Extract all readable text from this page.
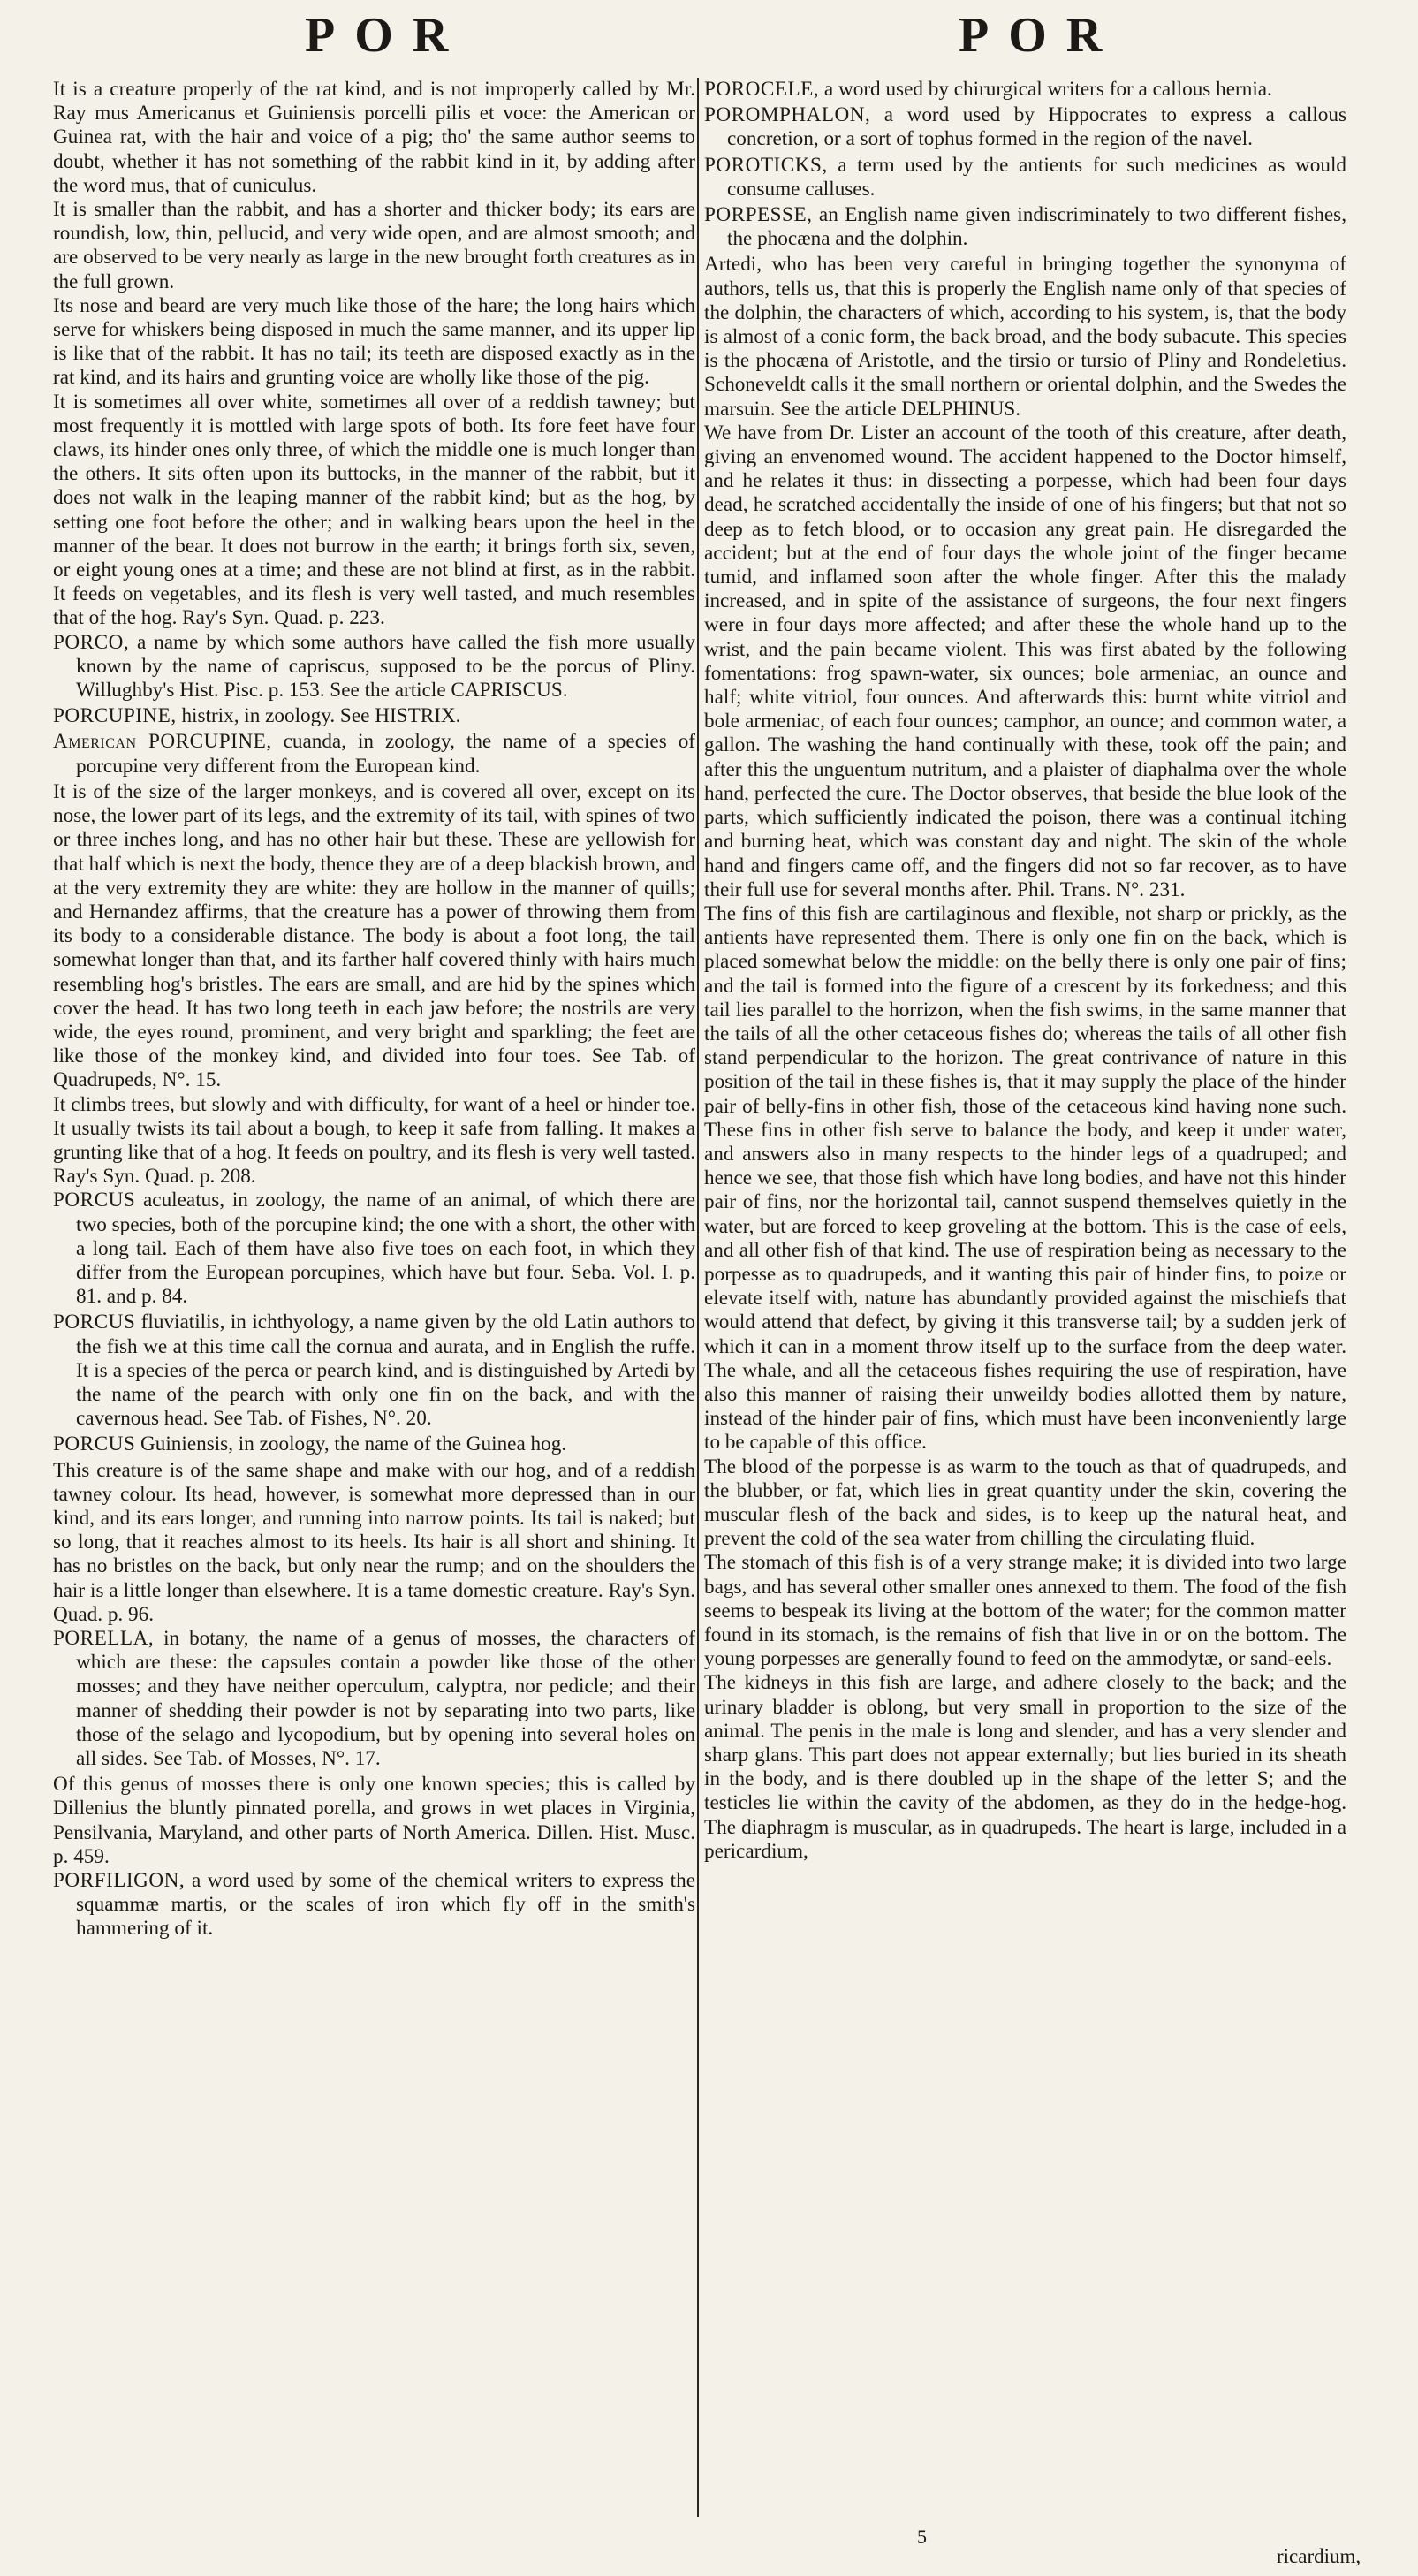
POR	POR

It is a creature properly of the rat kind, and is not improperly called by Mr. Ray mus Americanus et Guiniensis porcelli pilis et voce: the American or Guinea rat, with the hair and voice of a pig; tho' the same author seems to doubt, whether it has not something of the rabbit kind in it, by adding after the word mus, that of cuniculus.

It is smaller than the rabbit, and has a shorter and thicker body; its ears are roundish, low, thin, pellucid, and very wide open, and are almost smooth; and are observed to be very nearly as large in the new brought forth creatures as in the full grown.

Its nose and beard are very much like those of the hare; the long hairs which serve for whiskers being disposed in much the same manner, and its upper lip is like that of the rabbit. It has no tail; its teeth are disposed exactly as in the rat kind, and its hairs and grunting voice are wholly like those of the pig.

It is sometimes all over white, sometimes all over of a reddish tawney; but most frequently it is mottled with large spots of both. Its fore feet have four claws, its hinder ones only three, of which the middle one is much longer than the others. It sits often upon its buttocks, in the manner of the rabbit, but it does not walk in the leaping manner of the rabbit kind; but as the hog, by setting one foot before the other; and in walking bears upon the heel in the manner of the bear. It does not burrow in the earth; it brings forth six, seven, or eight young ones at a time; and these are not blind at first, as in the rabbit. It feeds on vegetables, and its flesh is very well tasted, and much resembles that of the hog. Ray's Syn. Quad. p. 223.

PORCO, a name by which some authors have called the fish more usually known by the name of capriscus, supposed to be the porcus of Pliny. Willughby's Hist. Pisc. p. 153. See the article CAPRISCUS.

PORCUPINE, histrix, in zoology. See HISTRIX.

American PORCUPINE, cuanda, in zoology, the name of a species of porcupine very different from the European kind.

It is of the size of the larger monkeys, and is covered all over, except on its nose, the lower part of its legs, and the extremity of its tail, with spines of two or three inches long, and has no other hair but these. These are yellowish for that half which is next the body, thence they are of a deep blackish brown, and at the very extremity they are white: they are hollow in the manner of quills; and Hernandez affirms, that the creature has a power of throwing them from its body to a considerable distance. The body is about a foot long, the tail somewhat longer than that, and its farther half covered thinly with hairs much resembling hog's bristles. The ears are small, and are hid by the spines which cover the head. It has two long teeth in each jaw before; the nostrils are very wide, the eyes round, prominent, and very bright and sparkling; the feet are like those of the monkey kind, and divided into four toes. See Tab. of Quadrupeds, N°. 15.

It climbs trees, but slowly and with difficulty, for want of a heel or hinder toe. It usually twists its tail about a bough, to keep it safe from falling. It makes a grunting like that of a hog. It feeds on poultry, and its flesh is very well tasted. Ray's Syn. Quad. p. 208.

PORCUS aculeatus, in zoology, the name of an animal, of which there are two species, both of the porcupine kind; the one with a short, the other with a long tail. Each of them have also five toes on each foot, in which they differ from the European porcupines, which have but four. Seba. Vol. I. p. 81. and p. 84.

PORCUS fluviatilis, in ichthyology, a name given by the old Latin authors to the fish we at this time call the cornua and aurata, and in English the ruffe. It is a species of the perca or pearch kind, and is distinguished by Artedi by the name of the pearch with only one fin on the back, and with the cavernous head. See Tab. of Fishes, N°. 20.

PORCUS Guiniensis, in zoology, the name of the Guinea hog.

This creature is of the same shape and make with our hog, and of a reddish tawney colour. Its head, however, is somewhat more depressed than in our kind, and its ears longer, and running into narrow points. Its tail is naked; but so long, that it reaches almost to its heels. Its hair is all short and shining. It has no bristles on the back, but only near the rump; and on the shoulders the hair is a little longer than elsewhere. It is a tame domestic creature. Ray's Syn. Quad. p. 96.

PORELLA, in botany, the name of a genus of mosses, the characters of which are these: the capsules contain a powder like those of the other mosses; and they have neither operculum, calyptra, nor pedicle; and their manner of shedding their powder is not by separating into two parts, like those of the selago and lycopodium, but by opening into several holes on all sides. See Tab. of Mosses, N°. 17.

Of this genus of mosses there is only one known species; this is called by Dillenius the bluntly pinnated porella, and grows in wet places in Virginia, Pensilvania, Maryland, and other parts of North America. Dillen. Hist. Musc. p. 459.

PORFILIGON, a word used by some of the chemical writers to express the squammæ martis, or the scales of iron which fly off in the smith's hammering of it.

POROCELE, a word used by chirurgical writers for a callous hernia.

POROMPHALON, a word used by Hippocrates to express a callous concretion, or a sort of tophus formed in the region of the navel.

POROTICKS, a term used by the antients for such medicines as would consume calluses.

PORPESSE, an English name given indiscriminately to two different fishes, the phocæna and the dolphin.

Artedi, who has been very careful in bringing together the synonyma of authors, tells us, that this is properly the English name only of that species of the dolphin, the characters of which, according to his system, is, that the body is almost of a conic form, the back broad, and the body subacute. This species is the phocæna of Aristotle, and the tirsio or tursio of Pliny and Rondeletius. Schoneveldt calls it the small northern or oriental dolphin, and the Swedes the marsuin. See the article DELPHINUS.

We have from Dr. Lister an account of the tooth of this creature, after death, giving an envenomed wound. The accident happened to the Doctor himself, and he relates it thus: in dissecting a porpesse, which had been four days dead, he scratched accidentally the inside of one of his fingers; but that not so deep as to fetch blood, or to occasion any great pain. He disregarded the accident; but at the end of four days the whole joint of the finger became tumid, and inflamed soon after the whole finger. After this the malady increased, and in spite of the assistance of surgeons, the four next fingers were in four days more affected; and after these the whole hand up to the wrist, and the pain became violent. This was first abated by the following fomentations: frog spawn-water, six ounces; bole armeniac, an ounce and half; white vitriol, four ounces. And afterwards this: burnt white vitriol and bole armeniac, of each four ounces; camphor, an ounce; and common water, a gallon. The washing the hand continually with these, took off the pain; and after this the unguentum nutritum, and a plaister of diaphalma over the whole hand, perfected the cure. The Doctor observes, that beside the blue look of the parts, which sufficiently indicated the poison, there was a continual itching and burning heat, which was constant day and night. The skin of the whole hand and fingers came off, and the fingers did not so far recover, as to have their full use for several months after. Phil. Trans. N°. 231.

The fins of this fish are cartilaginous and flexible, not sharp or prickly, as the antients have represented them. There is only one fin on the back, which is placed somewhat below the middle: on the belly there is only one pair of fins; and the tail is formed into the figure of a crescent by its forkedness; and this tail lies parallel to the horrizon, when the fish swims, in the same manner that the tails of all the other cetaceous fishes do; whereas the tails of all other fish stand perpendicular to the horizon. The great contrivance of nature in this position of the tail in these fishes is, that it may supply the place of the hinder pair of belly-fins in other fish, those of the cetaceous kind having none such. These fins in other fish serve to balance the body, and keep it under water, and answers also in many respects to the hinder legs of a quadruped; and hence we see, that those fish which have long bodies, and have not this hinder pair of fins, nor the horizontal tail, cannot suspend themselves quietly in the water, but are forced to keep groveling at the bottom. This is the case of eels, and all other fish of that kind. The use of respiration being as necessary to the porpesse as to quadrupeds, and it wanting this pair of hinder fins, to poize or elevate itself with, nature has abundantly provided against the mischiefs that would attend that defect, by giving it this transverse tail; by a sudden jerk of which it can in a moment throw itself up to the surface from the deep water. The whale, and all the cetaceous fishes requiring the use of respiration, have also this manner of raising their unweildy bodies allotted them by nature, instead of the hinder pair of fins, which must have been inconveniently large to be capable of this office.

The blood of the porpesse is as warm to the touch as that of quadrupeds, and the blubber, or fat, which lies in great quantity under the skin, covering the muscular flesh of the back and sides, is to keep up the natural heat, and prevent the cold of the sea water from chilling the circulating fluid.

The stomach of this fish is of a very strange make; it is divided into two large bags, and has several other smaller ones annexed to them. The food of the fish seems to bespeak its living at the bottom of the water; for the common matter found in its stomach, is the remains of fish that live in or on the bottom. The young porpesses are generally found to feed on the ammodytæ, or sand-eels.

The kidneys in this fish are large, and adhere closely to the back; and the urinary bladder is oblong, but very small in proportion to the size of the animal. The penis in the male is long and slender, and has a very slender and sharp glans. This part does not appear externally; but lies buried in its sheath in the body, and is there doubled up in the shape of the letter S; and the testicles lie within the cavity of the abdomen, as they do in the hedge-hog. The diaphragm is muscular, as in quadrupeds. The heart is large, included in a pericardium,

5
ricardium,
